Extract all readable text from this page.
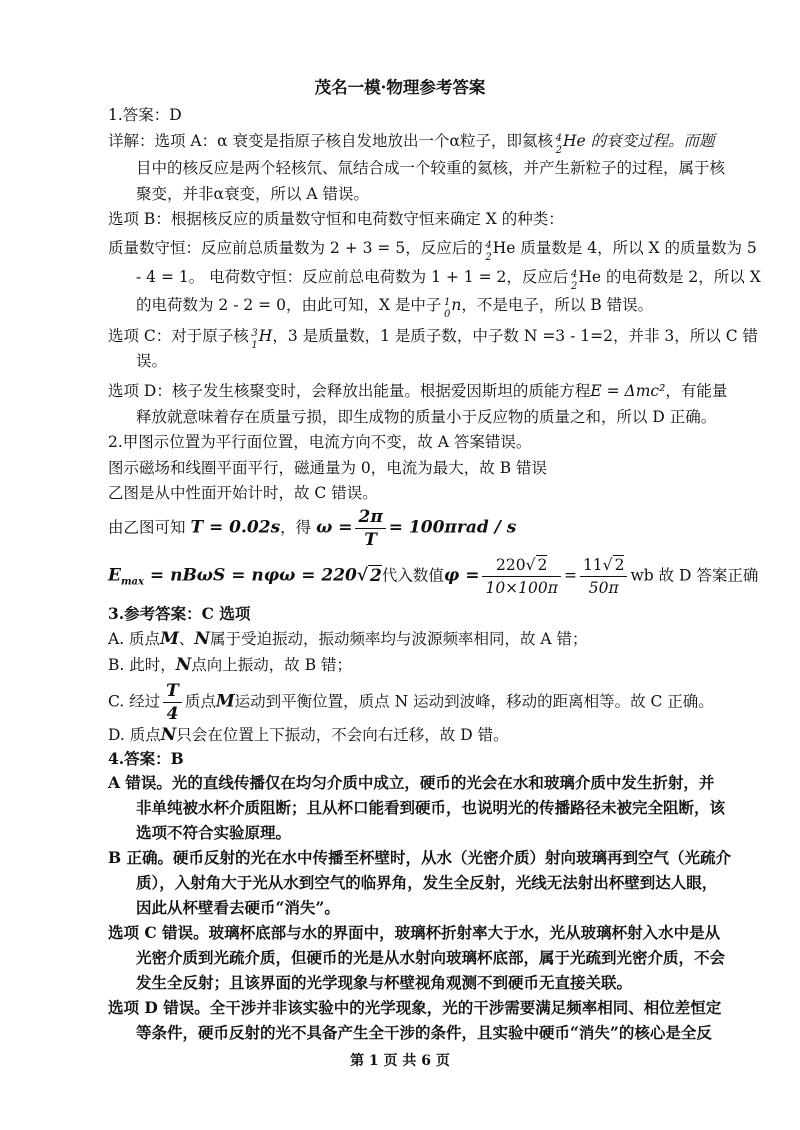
茂名一模·物理参考答案
1.答案：D
详解：选项 A：α 衰变是指原子核自发地放出一个α粒子，即氦核 4
2
He 的衰变过程。而题
目中的核反应是两个轻核氘、氚结合成一个较重的氦核，并产生新粒子的过程，属于核
聚变，并非α衰变，所以 A 错误。
选项 B：根据核反应的质量数守恒和电荷数守恒来确定 X 的种类：
质量数守恒：反应前总质量数为 2 + 3 = 5，反应后的 4
2
He 质量数是 4，所以 X 的质量数为 5
- 4 = 1。 电荷数守恒：反应前总电荷数为 1 + 1 = 2，反应后 4
2
He 的电荷数是 2，所以 X
的电荷数为 2 - 2 = 0，由此可知，X 是中子 1
0
n，不是电子，所以 B 错误。
选项 C：对于原子核 3
1
H，3 是质量数，1 是质子数，中子数 N =3 - 1=2，并非 3，所以 C 错
误。
选项 D：核子发生核聚变时，会释放出能量。根据爱因斯坦的质能方程E = Δmc²，有能量
释放就意味着存在质量亏损，即生成物的质量小于反应物的质量之和，所以 D 正确。
2.甲图示位置为平行面位置，电流方向不变，故 A 答案错误。
图示磁场和线圈平面平行，磁通量为 0，电流为最大，故 B 错误
乙图是从中性面开始计时，故 C 错误。
由乙图可知 T = 0.02s，得 $\omega = \frac{2\pi}{T} = 100\pi rad / s$
$E_{max} = nB\omega S = n\varphi\omega = 220√$ 2代入数值$\varphi = \frac{220√ 2}{10\times 100\pi} = \frac{11√ 2}{50\pi}$ wb 故 D 答案正确
3.参考答案：C 选项
A. 质点M、N属于受迫振动，振动频率均与波源频率相同，故 A 错；
B. 此时，N点向上振动，故 B 错；
C. 经过 $\frac{T}{4}$ 质点M运动到平衡位置，质点 N 运动到波峰，移动的距离相等。故 C 正确。
D. 质点N只会在位置上下振动，不会向右迁移，故 D 错。
4.答案：B
A 错误。光的直线传播仅在均匀介质中成立，硬币的光会在水和玻璃介质中发生折射，并
非单纯被水杯介质阻断；且从杯口能看到硬币，也说明光的传播路径未被完全阻断，该
选项不符合实验原理。
B 正确。硬币反射的光在水中传播至杯壁时，从水（光密介质）射向玻璃再到空气（光疏介
质），入射角大于光从水到空气的临界角，发生全反射，光线无法射出杯壁到达人眼，
因此从杯壁看去硬币“消失”。
选项 C 错误。玻璃杯底部与水的界面中，玻璃杯折射率大于水，光从玻璃杯射入水中是从
光密介质到光疏介质，但硬币的光是从水射向玻璃杯底部，属于光疏到光密介质，不会
发生全反射；且该界面的光学现象与杯壁视角观测不到硬币无直接关联。
选项 D 错误。全干涉并非该实验中的光学现象，光的干涉需要满足频率相同、相位差恒定
等条件，硬币反射的光不具备产生全干涉的条件，且实验中硬币“消失”的核心是全反
第 1 页 共 6 页
